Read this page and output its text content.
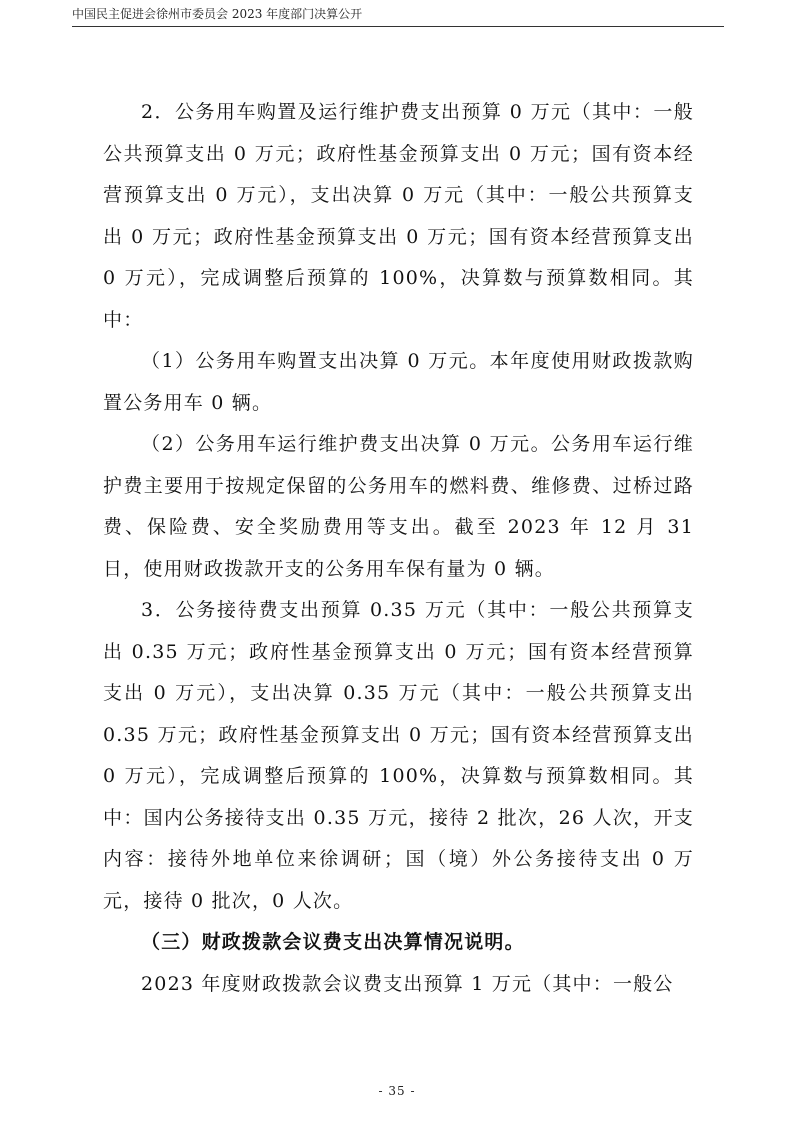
中国民主促进会徐州市委员会 2023 年度部门决算公开

2．公务用车购置及运行维护费支出预算 0 万元（其中：一般公共预算支出 0 万元；政府性基金预算支出 0 万元；国有资本经营预算支出 0 万元），支出决算 0 万元（其中：一般公共预算支出 0 万元；政府性基金预算支出 0 万元；国有资本经营预算支出 0 万元），完成调整后预算的 100%，决算数与预算数相同。其中：

（1）公务用车购置支出决算 0 万元。本年度使用财政拨款购置公务用车 0 辆。

（2）公务用车运行维护费支出决算 0 万元。公务用车运行维护费主要用于按规定保留的公务用车的燃料费、维修费、过桥过路费、保险费、安全奖励费用等支出。截至 2023 年 12 月 31 日，使用财政拨款开支的公务用车保有量为 0 辆。

3．公务接待费支出预算 0.35 万元（其中：一般公共预算支出 0.35 万元；政府性基金预算支出 0 万元；国有资本经营预算支出 0 万元），支出决算 0.35 万元（其中：一般公共预算支出 0.35 万元；政府性基金预算支出 0 万元；国有资本经营预算支出 0 万元），完成调整后预算的 100%，决算数与预算数相同。其中：国内公务接待支出 0.35 万元，接待 2 批次，26 人次，开支内容：接待外地单位来徐调研；国（境）外公务接待支出 0 万元，接待 0 批次，0 人次。

（三）财政拨款会议费支出决算情况说明。

2023 年度财政拨款会议费支出预算 1 万元（其中：一般公

- 35 -
